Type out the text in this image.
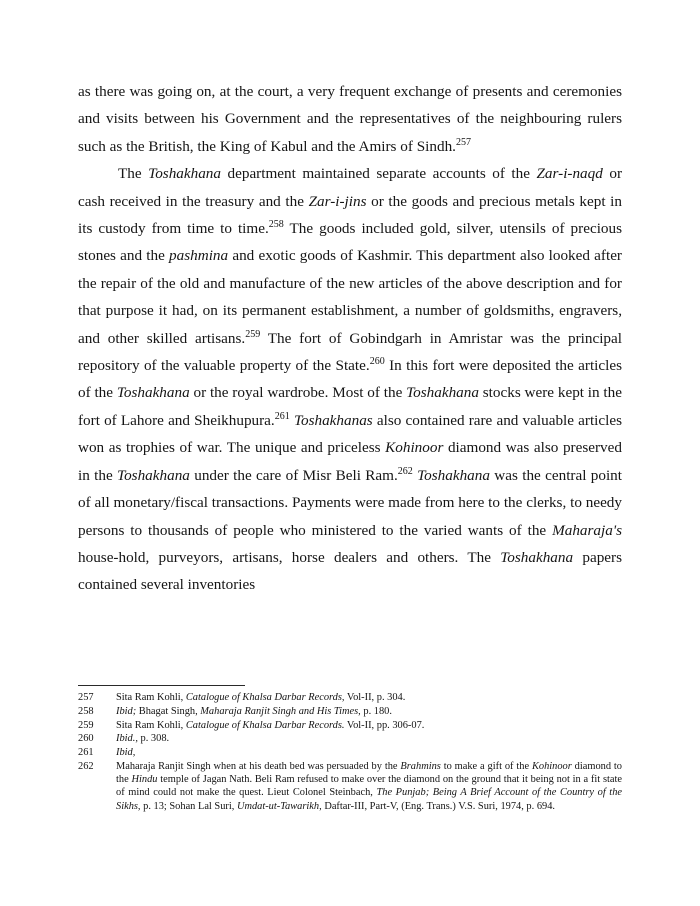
as there was going on, at the court, a very frequent exchange of presents and ceremonies and visits between his Government and the representatives of the neighbouring rulers such as the British, the King of Kabul and the Amirs of Sindh.$^{257}$

The Toshakhana department maintained separate accounts of the Zar-i-naqd or cash received in the treasury and the Zar-i-jins or the goods and precious metals kept in its custody from time to time.$^{258}$ The goods included gold, silver, utensils of precious stones and the pashmina and exotic goods of Kashmir. This department also looked after the repair of the old and manufacture of the new articles of the above description and for that purpose it had, on its permanent establishment, a number of goldsmiths, engravers, and other skilled artisans.$^{259}$ The fort of Gobindgarh in Amristar was the principal repository of the valuable property of the State.$^{260}$ In this fort were deposited the articles of the Toshakhana or the royal wardrobe. Most of the Toshakhana stocks were kept in the fort of Lahore and Sheikhupura.$^{261}$ Toshakhanas also contained rare and valuable articles won as trophies of war. The unique and priceless Kohinoor diamond was also preserved in the Toshakhana under the care of Misr Beli Ram.$^{262}$ Toshakhana was the central point of all monetary/fiscal transactions. Payments were made from here to the clerks, to needy persons to thousands of people who ministered to the varied wants of the Maharaja's house-hold, purveyors, artisans, horse dealers and others. The Toshakhana papers contained several inventories

257	Sita Ram Kohli, Catalogue of Khalsa Darbar Records, Vol-II, p. 304.
258	Ibid; Bhagat Singh, Maharaja Ranjit Singh and His Times, p. 180.
259	Sita Ram Kohli, Catalogue of Khalsa Darbar Records. Vol-II, pp. 306-07.
260	Ibid., p. 308.
261	Ibid,
262	Maharaja Ranjit Singh when at his death bed was persuaded by the Brahmins to make a gift of the Kohinoor diamond to the Hindu temple of Jagan Nath. Beli Ram refused to make over the diamond on the ground that it being not in a fit state of mind could not make the quest. Lieut Colonel Steinbach, The Punjab; Being A Brief Account of the Country of the Sikhs, p. 13; Sohan Lal Suri, Umdat-ut-Tawarikh, Daftar-III, Part-V, (Eng. Trans.) V.S. Suri, 1974, p. 694.
